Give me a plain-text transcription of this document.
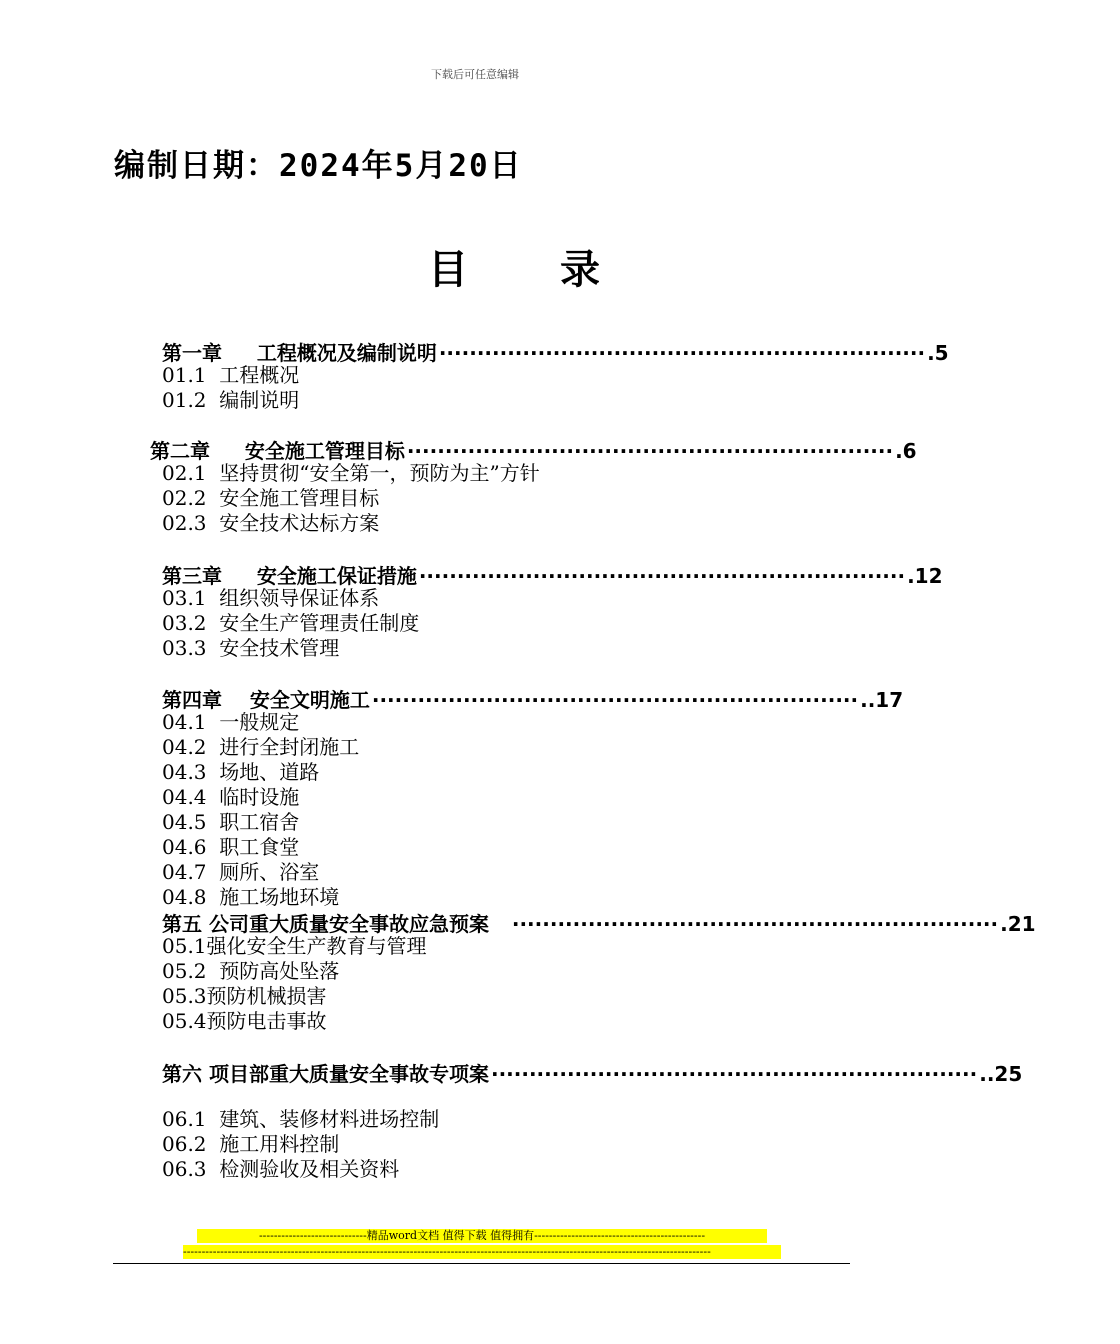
下载后可任意编辑
编制日期：2024年5月20日
目录
第一章     工程概况及编制说明 ································································ .5
01.1  工程概况
01.2  编制说明
第二章     安全施工管理目标 ································································ .6
02.1  坚持贯彻“安全第一，预防为主”方针
02.2  安全施工管理目标
02.3  安全技术达标方案
第三章     安全施工保证措施 ································································ .12
03.1  组织领导保证体系
03.2  安全生产管理责任制度
03.3  安全技术管理
第四章    安全文明施工 ································································ ..17
04.1  一般规定
04.2  进行全封闭施工
04.3  场地、道路
04.4  临时设施
04.5  职工宿舍
04.6  职工食堂
04.7  厕所、浴室
04.8  施工场地环境
第五 公司重大质量安全事故应急预案 ································································ .21
05.1强化安全生产教育与管理
05.2  预防高处坠落
05.3预防机械损害
05.4预防电击事故
第六 项目部重大质量安全事故专项案 ································································ ..25
06.1  建筑、装修材料进场控制
06.2  施工用料控制
06.3  检测验收及相关资料
-----------------------------精品word文档 值得下载 值得拥有----------------------------------------------
----------------------------------------------------------------------------------------------------------------------------------------------
